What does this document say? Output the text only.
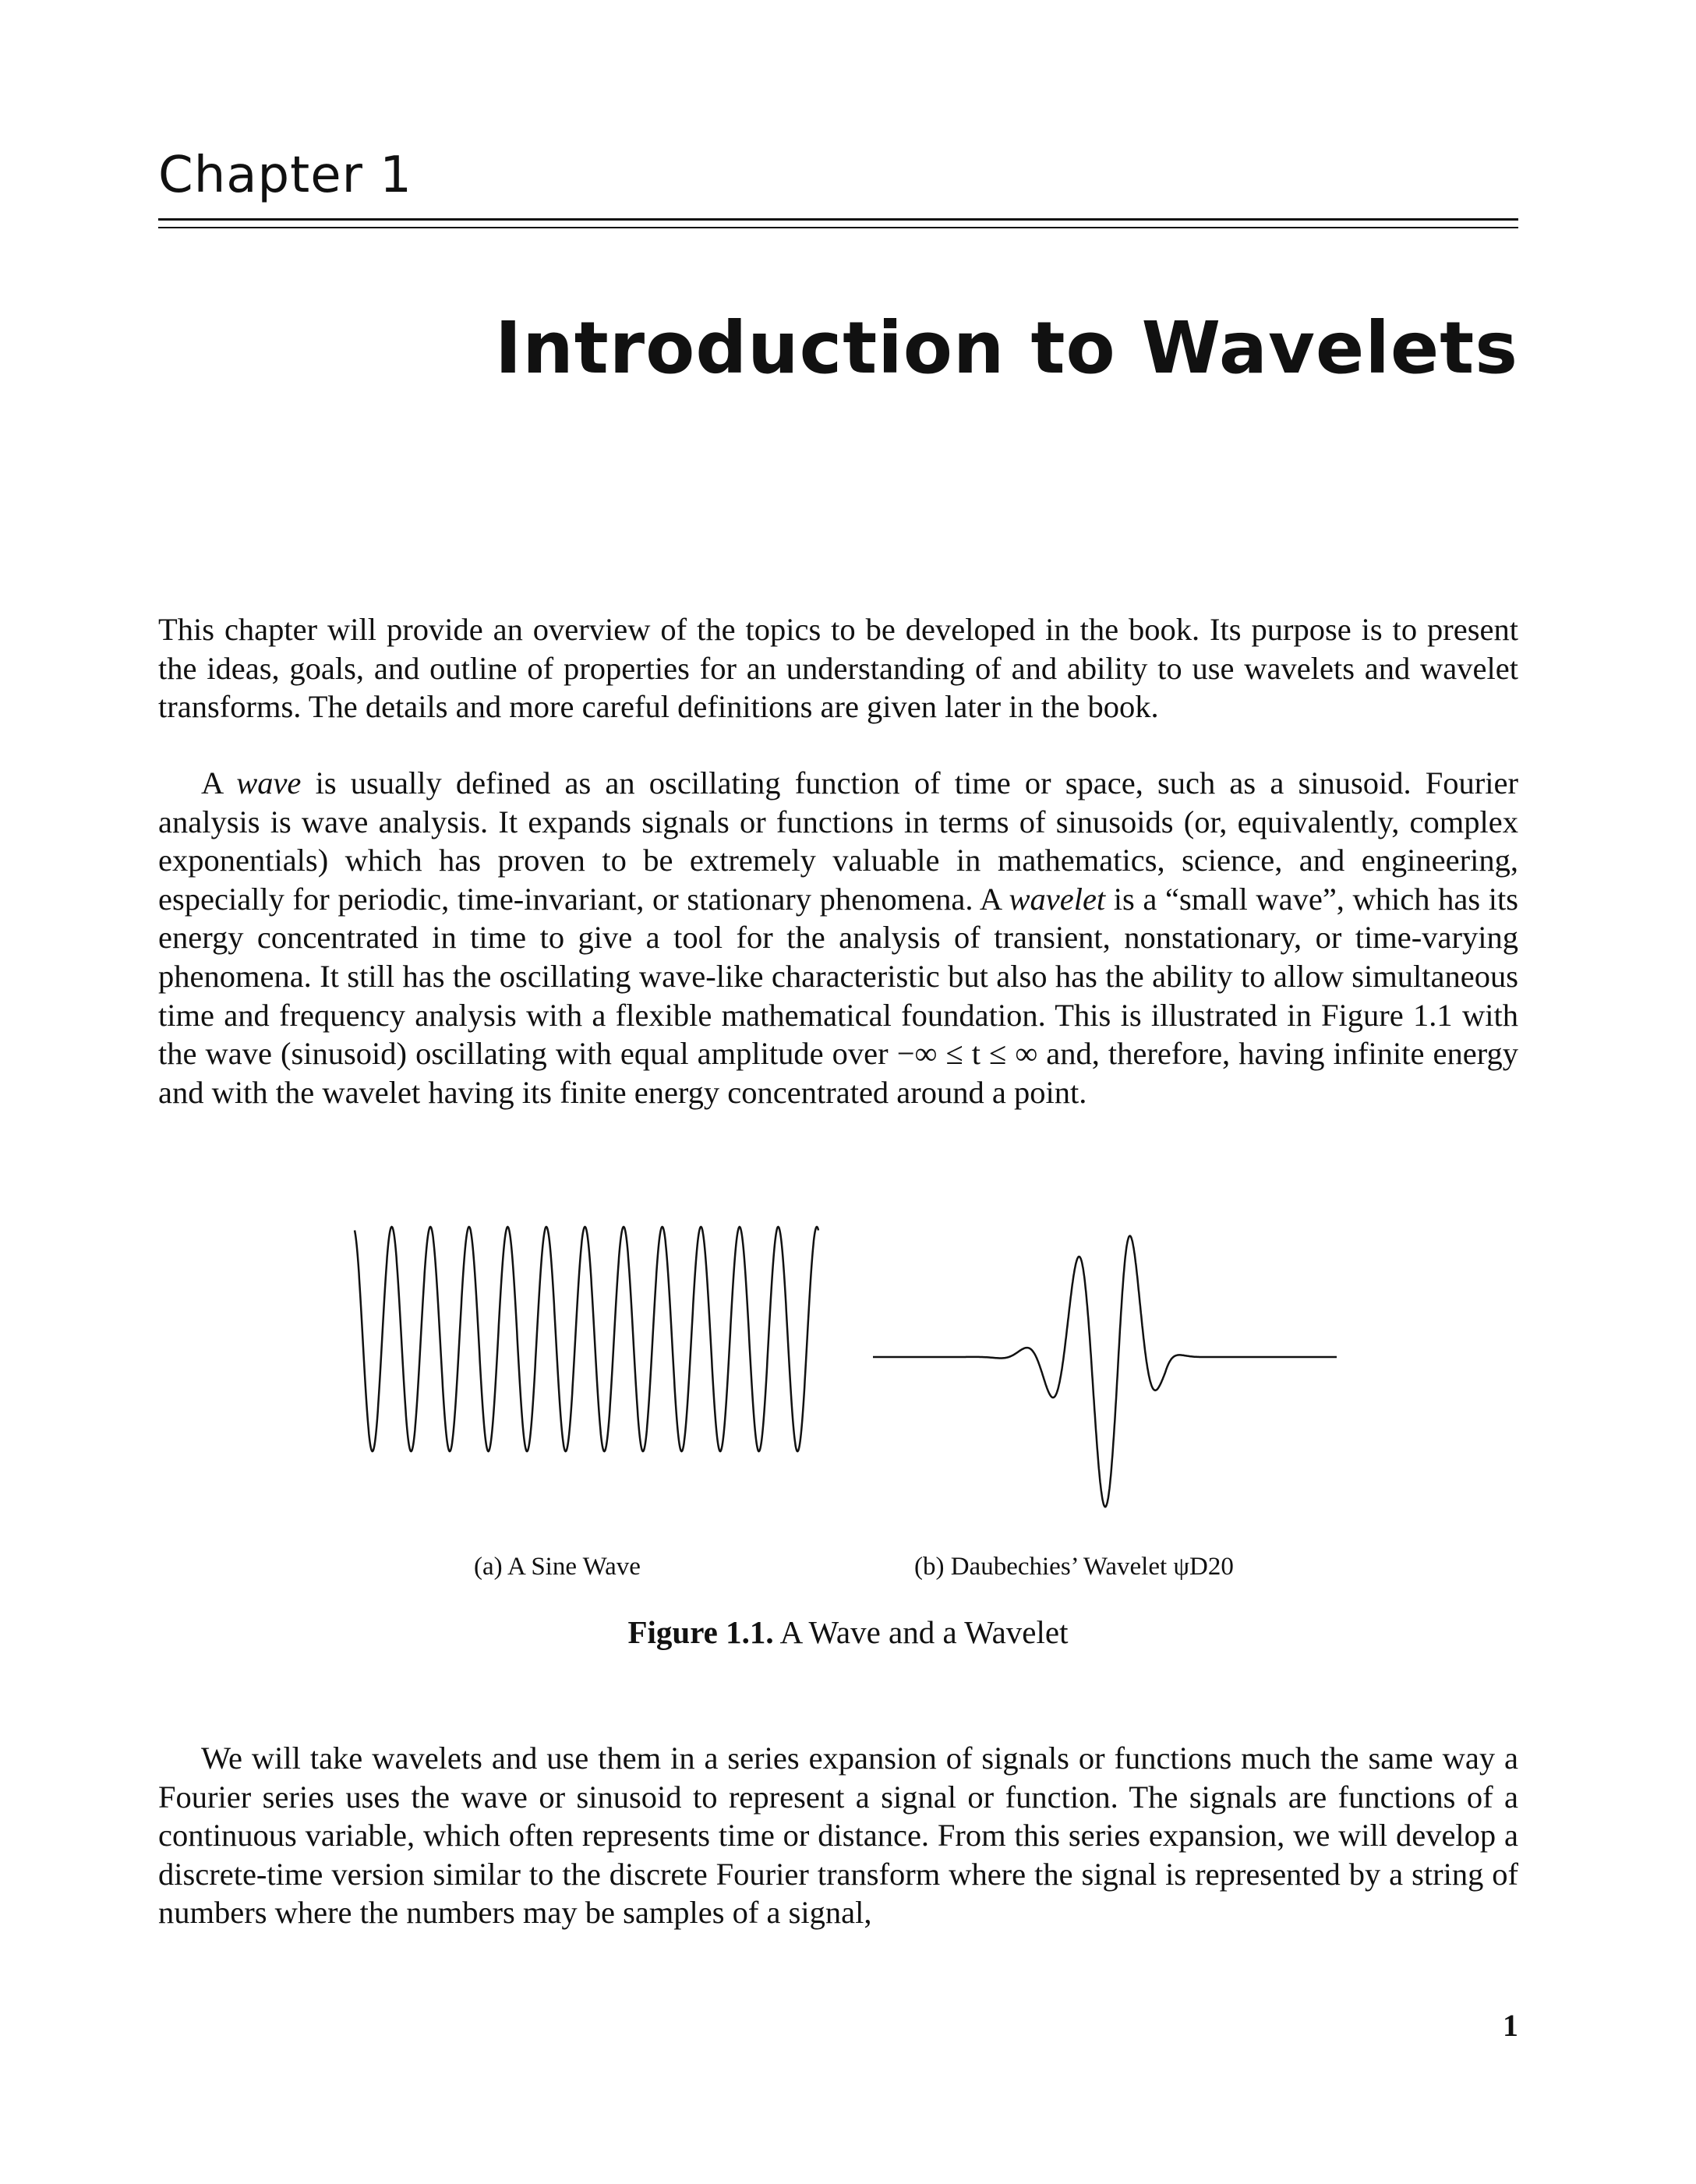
Chapter 1
Introduction to Wavelets

This chapter will provide an overview of the topics to be developed in the book. Its purpose is to present the ideas, goals, and outline of properties for an understanding of and ability to use wavelets and wavelet transforms. The details and more careful definitions are given later in the book.

A wave is usually defined as an oscillating function of time or space, such as a sinusoid. Fourier analysis is wave analysis. It expands signals or functions in terms of sinusoids (or, equivalently, complex exponentials) which has proven to be extremely valuable in mathematics, science, and engineering, especially for periodic, time-invariant, or stationary phenomena. A wavelet is a “small wave”, which has its energy concentrated in time to give a tool for the analysis of transient, nonstationary, or time-varying phenomena. It still has the oscillating wave-like characteristic but also has the ability to allow simultaneous time and frequency analysis with a flexible mathematical foundation. This is illustrated in Figure 1.1 with the wave (sinusoid) oscillating with equal amplitude over −∞ ≤ t ≤ ∞ and, therefore, having infinite energy and with the wavelet having its finite energy concentrated around a point.

(a) A Sine Wave	(b) Daubechies’ Wavelet ψD20
Figure 1.1. A Wave and a Wavelet

We will take wavelets and use them in a series expansion of signals or functions much the same way a Fourier series uses the wave or sinusoid to represent a signal or function. The signals are functions of a continuous variable, which often represents time or distance. From this series expansion, we will develop a discrete-time version similar to the discrete Fourier transform where the signal is represented by a string of numbers where the numbers may be samples of a signal,

1
